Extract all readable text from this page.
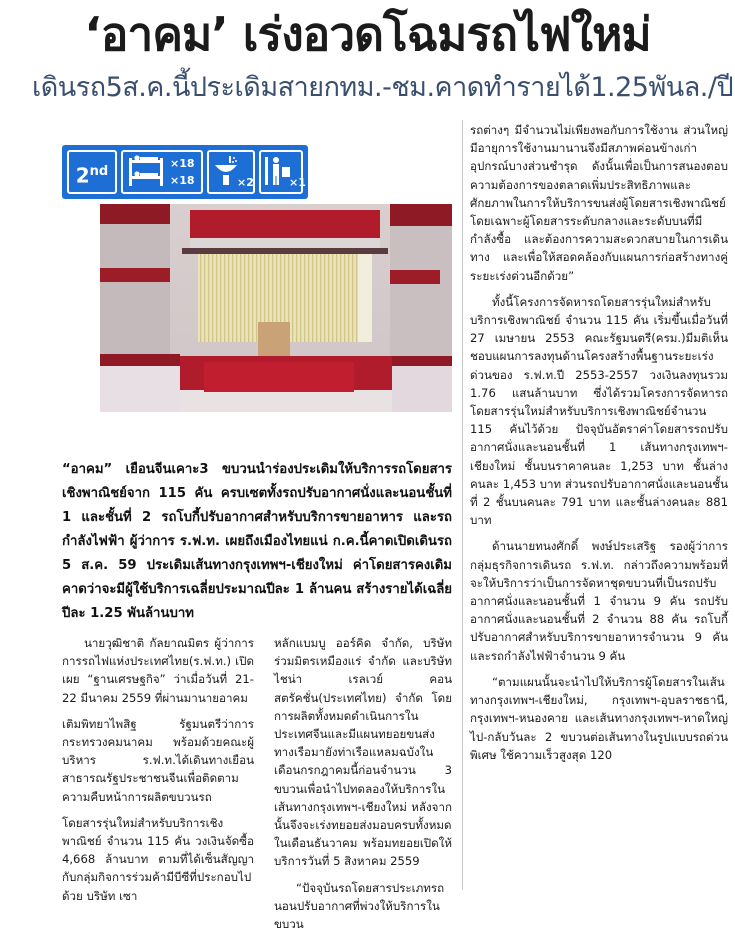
‘อาคม’ เร่งอวดโฉมรถไฟใหม่
เดินรถ5ส.ค.นี้ประเดิมสายกทม.-ชม.คาดทำรายได้1.25พันล./ปี
2nd
×18
×18	×2	×1
“อาคม” เยือนจีนเคาะ3 ขบวนนำร่องประเดิมให้บริการรถโดยสารเชิงพาณิชย์จาก 115 คัน ครบเซตทั้งรถปรับอากาศนั่งและนอนชั้นที่ 1 และชั้นที่ 2 รถโบกี้ปรับอากาศสำหรับบริการขายอาหาร และรถกำลังไฟฟ้า ผู้ว่าการ ร.ฟ.ท. เผยถึงเมืองไทยแน่ ก.ค.นี้คาดเปิดเดินรถ 5 ส.ค. 59 ประเดิมเส้นทางกรุงเทพฯ-เชียงใหม่ ค่าโดยสารคงเดิม คาดว่าจะมีผู้ใช้บริการเฉลี่ยประมาณปีละ 1 ล้านคน สร้างรายได้เฉลี่ยปีละ 1.25 พันล้านบาท

นายวุฒิชาติ กัลยาณมิตร ผู้ว่าการการรถไฟแห่งประเทศไทย(ร.ฟ.ท.) เปิดเผย “ฐานเศรษฐกิจ” ว่าเมื่อวันที่ 21-22 มีนาคม 2559 ที่ผ่านมานายอาคม

เติมพิทยาไพสิฐ รัฐมนตรีว่าการกระทรวงคมนาคม พร้อมด้วยคณะผู้บริหาร ร.ฟ.ท.ได้เดินทางเยือนสาธารณรัฐประชาชนจีนเพื่อติดตามความคืบหน้าการผลิตขบวนรถ

โดยสารรุ่นใหม่สำหรับบริการเชิงพาณิชย์ จำนวน 115 คัน วงเงินจัดซื้อ 4,668 ล้านบาท ตามที่ได้เซ็นสัญญากับกลุ่มกิจการร่วมค้ามีบีซีที่ประกอบไปด้วย บริษัท เซา

หลักแบมบู ออร์คิด จำกัด, บริษัท ร่วมมิตรเหมืองแร่ จำกัด และบริษัท ไชน่า เรลเวย์ คอนสตรัคชั่น(ประเทศไทย) จำกัด โดยการผลิตทั้งหมดดำเนินการในประเทศจีนและมีแผนทยอยขนส่งทางเรือมายังท่าเรือแหลมฉบังในเดือนกรกฎาคมนี้ก่อนจำนวน 3 ขบวนเพื่อนำไปทดลองให้บริการในเส้นทางกรุงเทพฯ-เชียงใหม่ หลังจากนั้นจึงจะเร่งทยอยส่งมอบครบทั้งหมดในเดือนธันวาคม พร้อมทยอยเปิดให้บริการวันที่ 5 สิงหาคม 2559

“ปัจจุบันรถโดยสารประเภทรถนอนปรับอากาศที่พ่วงให้บริการในขบวน

รถต่างๆ มีจำนวนไม่เพียงพอกับการใช้งาน ส่วนใหญ่มีอายุการใช้งานมานานจึงมีสภาพค่อนข้างเก่า อุปกรณ์บางส่วนชำรุด ดังนั้นเพื่อเป็นการสนองตอบความต้องการของตลาดเพิ่มประสิทธิภาพและศักยภาพในการให้บริการขนส่งผู้โดยสารเชิงพาณิชย์ โดยเฉพาะผู้โดยสารระดับกลางและระดับบนที่มีกำลังซื้อ และต้องการความสะดวกสบายในการเดินทาง และเพื่อให้สอดคล้องกับแผนการก่อสร้างทางคู่ระยะเร่งด่วนอีกด้วย”

ทั้งนี้โครงการจัดหารถโดยสารรุ่นใหม่สำหรับบริการเชิงพาณิชย์ จำนวน 115 คัน เริ่มขึ้นเมื่อวันที่ 27 เมษายน 2553 คณะรัฐมนตรี(ครม.)มีมติเห็นชอบแผนการลงทุนด้านโครงสร้างพื้นฐานระยะเร่งด่วนของ ร.ฟ.ท.ปี 2553-2557 วงเงินลงทุนรวม 1.76 แสนล้านบาท ซึ่งได้รวมโครงการจัดหารถโดยสารรุ่นใหม่สำหรับบริการเชิงพาณิชย์จำนวน 115 คันไว้ด้วย ปัจจุบันอัตราค่าโดยสารรถปรับอากาศนั่งและนอนชั้นที่ 1 เส้นทางกรุงเทพฯ-เชียงใหม่ ชั้นบนราคาคนละ 1,253 บาท ชั้นล่างคนละ 1,453 บาท ส่วนรถปรับอากาศนั่งและนอนชั้นที่ 2 ชั้นบนคนละ 791 บาท และชั้นล่างคนละ 881 บาท

ด้านนายทนงศักดิ์ พงษ์ประเสริฐ รองผู้ว่าการกลุ่มธุรกิจการเดินรถ ร.ฟ.ท. กล่าวถึงความพร้อมที่จะให้บริการว่าเป็นการจัดหาชุดขบวนที่เป็นรถปรับอากาศนั่งและนอนชั้นที่ 1 จำนวน 9 คัน รถปรับอากาศนั่งและนอนชั้นที่ 2 จำนวน 88 คัน รถโบกี้ปรับอากาศสำหรับบริการขายอาหารจำนวน 9 คัน และรถกำลังไฟฟ้าจำนวน 9 คัน

“ตามแผนนั้นจะนำไปให้บริการผู้โดยสารในเส้นทางกรุงเทพฯ-เชียงใหม่, กรุงเทพฯ-อุบลราชธานี, กรุงเทพฯ-หนองคาย และเส้นทางกรุงเทพฯ-หาดใหญ่ ไป-กลับวันละ 2 ขบวนต่อเส้นทางในรูปแบบรถด่วนพิเศษ ใช้ความเร็วสูงสุด 120
